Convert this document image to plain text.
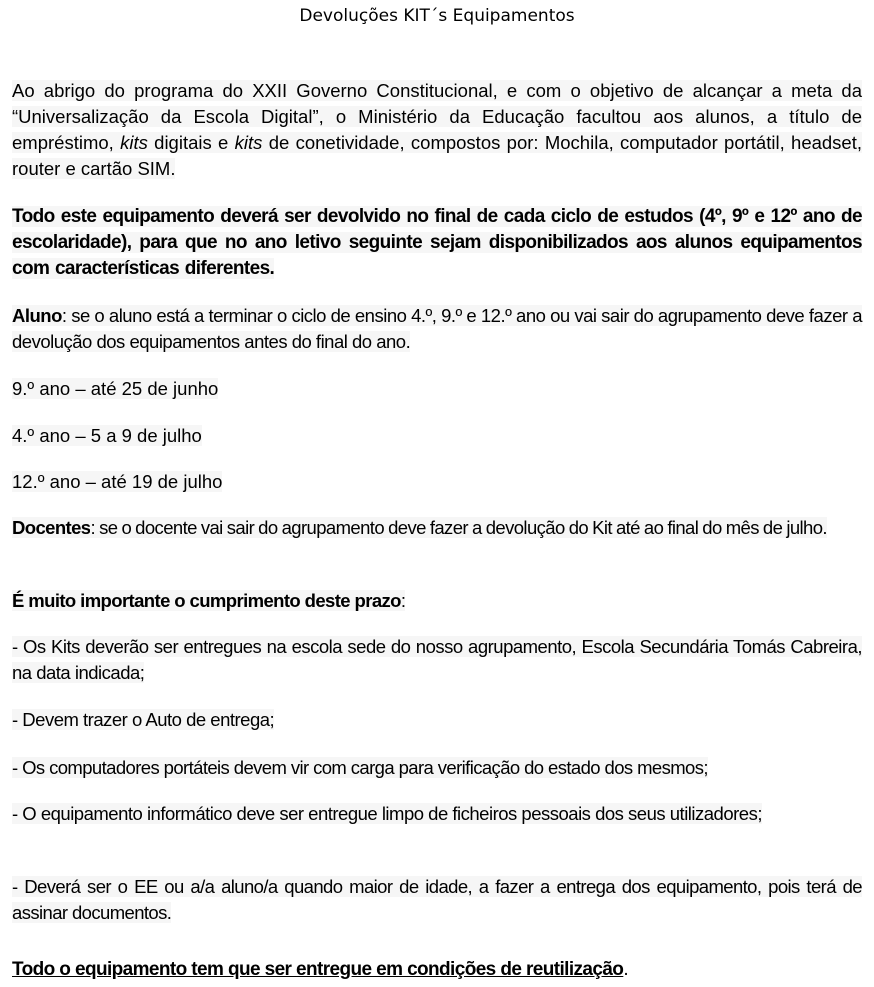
Devoluções KIT´s Equipamentos
Ao abrigo do programa do XXII Governo Constitucional, e com o objetivo de alcançar a meta da “Universalização da Escola Digital”, o Ministério da Educação facultou aos alunos, a título de empréstimo, kits digitais e kits de conetividade, compostos por: Mochila, computador portátil, headset, router e cartão SIM.
Todo este equipamento deverá ser devolvido no final de cada ciclo de estudos (4º, 9º e 12º ano de escolaridade), para que no ano letivo seguinte sejam disponibilizados aos alunos equipamentos com características diferentes.
Aluno: se o aluno está a terminar o ciclo de ensino 4.º, 9.º e 12.º ano ou vai sair do agrupamento deve fazer a devolução dos equipamentos antes do final do ano.
9.º ano – até 25 de junho
4.º ano – 5 a 9 de julho
12.º ano – até 19 de julho
Docentes: se o docente vai sair do agrupamento deve fazer a devolução do Kit até ao final do mês de julho.
É muito importante o cumprimento deste prazo:
- Os Kits deverão ser entregues na escola sede do nosso agrupamento, Escola Secundária Tomás Cabreira, na data indicada;
- Devem trazer o Auto de entrega;
- Os computadores portáteis devem vir com carga para verificação do estado dos mesmos;
- O equipamento informático deve ser entregue limpo de ficheiros pessoais dos seus utilizadores;
- Deverá ser o EE ou a/a aluno/a quando maior de idade, a fazer a entrega dos equipamento, pois terá de assinar documentos.
Todo o equipamento tem que ser entregue em condições de reutilização.
